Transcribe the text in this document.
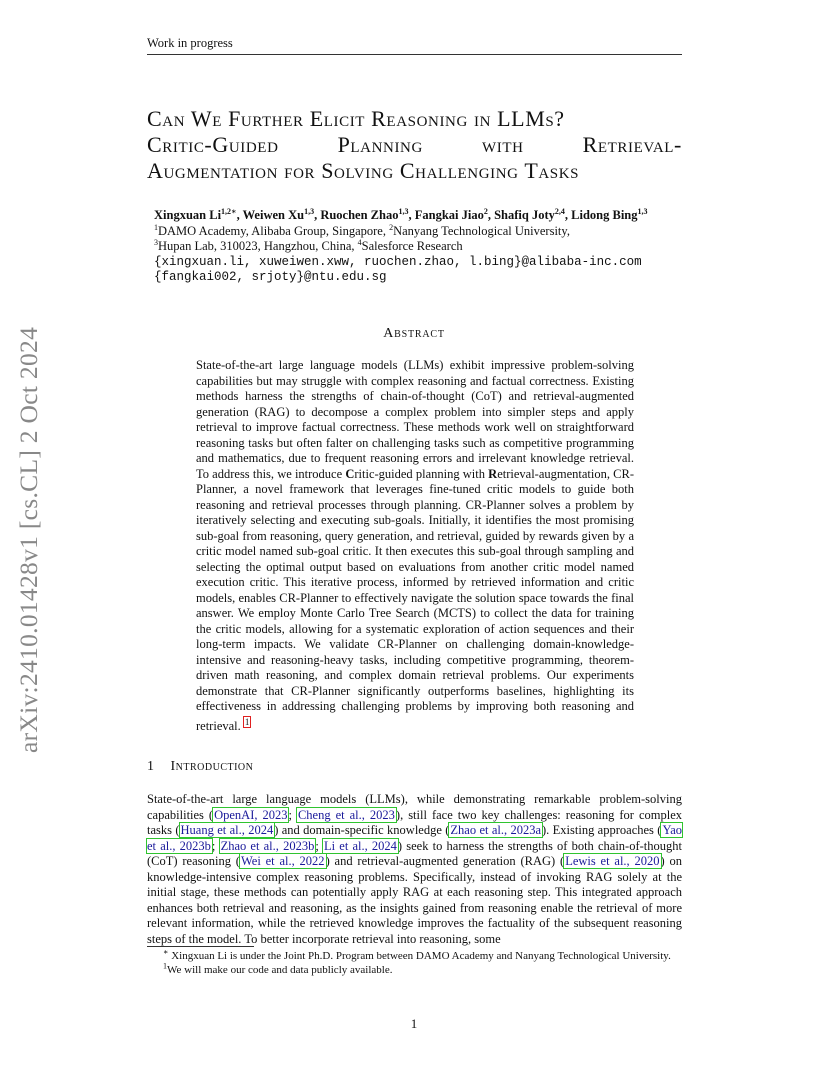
Work in progress
arXiv:2410.01428v1 [cs.CL] 2 Oct 2024
Can We Further Elicit Reasoning in LLMs?
Critic-Guided	Planning	with	Retrieval-
Augmentation for Solving Challenging Tasks
Xingxuan $Li^{1,2∗}$, Weiwen Xu$^{1,3}$, Ruochen Zhao$^{1,3}$, Fangkai Jiao$^2$, Shafiq Joty$^{2,4}$, Lidong Bing$^{1,3}$
$^1$DAMO Academy, Alibaba Group, Singapore, $^2$Nanyang Technological University,
$^3$Hupan Lab, 310023, Hangzhou, China, $^4$Salesforce Research
{xingxuan.li, xuweiwen.xww, ruochen.zhao, l.bing}@alibaba-inc.com
{fangkai002, srjoty}@ntu.edu.sg
Abstract
State-of-the-art large language models (LLMs) exhibit impressive problem-solving capabilities but may struggle with complex reasoning and factual correctness. Existing methods harness the strengths of chain-of-thought (CoT) and retrieval-augmented generation (RAG) to decompose a complex problem into simpler steps and apply retrieval to improve factual correctness. These methods work well on straightforward reasoning tasks but often falter on challenging tasks such as competitive programming and mathematics, due to frequent reasoning errors and irrelevant knowledge retrieval. To address this, we introduce Critic-guided planning with Retrieval-augmentation, CR-Planner, a novel framework that leverages fine-tuned critic models to guide both reasoning and retrieval processes through planning. CR-Planner solves a problem by iteratively selecting and executing sub-goals. Initially, it identifies the most promising sub-goal from reasoning, query generation, and retrieval, guided by rewards given by a critic model named sub-goal critic. It then executes this sub-goal through sampling and selecting the optimal output based on evaluations from another critic model named execution critic. This iterative process, informed by retrieved information and critic models, enables CR-Planner to effectively navigate the solution space towards the final answer. We employ Monte Carlo Tree Search (MCTS) to collect the data for training the critic models, allowing for a systematic exploration of action sequences and their long-term impacts. We validate CR-Planner on challenging domain-knowledge-intensive and reasoning-heavy tasks, including competitive programming, theorem-driven math reasoning, and complex domain retrieval problems. Our experiments demonstrate that CR-Planner significantly outperforms baselines, highlighting its effectiveness in addressing challenging problems by improving both reasoning and retrieval. $^1$
1 Introduction
State-of-the-art large language models (LLMs), while demonstrating remarkable problem-solving capabilities (OpenAI, 2023; Cheng et al., 2023), still face two key challenges: reasoning for complex tasks (Huang et al., 2024) and domain-specific knowledge (Zhao et al., 2023a). Existing approaches (Yao et al., 2023b; Zhao et al., 2023b; Li et al., 2024) seek to harness the strengths of both chain-of-thought (CoT) reasoning (Wei et al., 2022) and retrieval-augmented generation (RAG) (Lewis et al., 2020) on knowledge-intensive complex reasoning problems. Specifically, instead of invoking RAG solely at the initial stage, these methods can potentially apply RAG at each reasoning step. This integrated approach enhances both retrieval and reasoning, as the insights gained from reasoning enable the retrieval of more relevant information, while the retrieved knowledge improves the factuality of the subsequent reasoning steps of the model. To better incorporate retrieval into reasoning, some

∗ Xingxuan Li is under the Joint Ph.D. Program between DAMO Academy and Nanyang Technological University.

$^1$We will make our code and data publicly available.

1
